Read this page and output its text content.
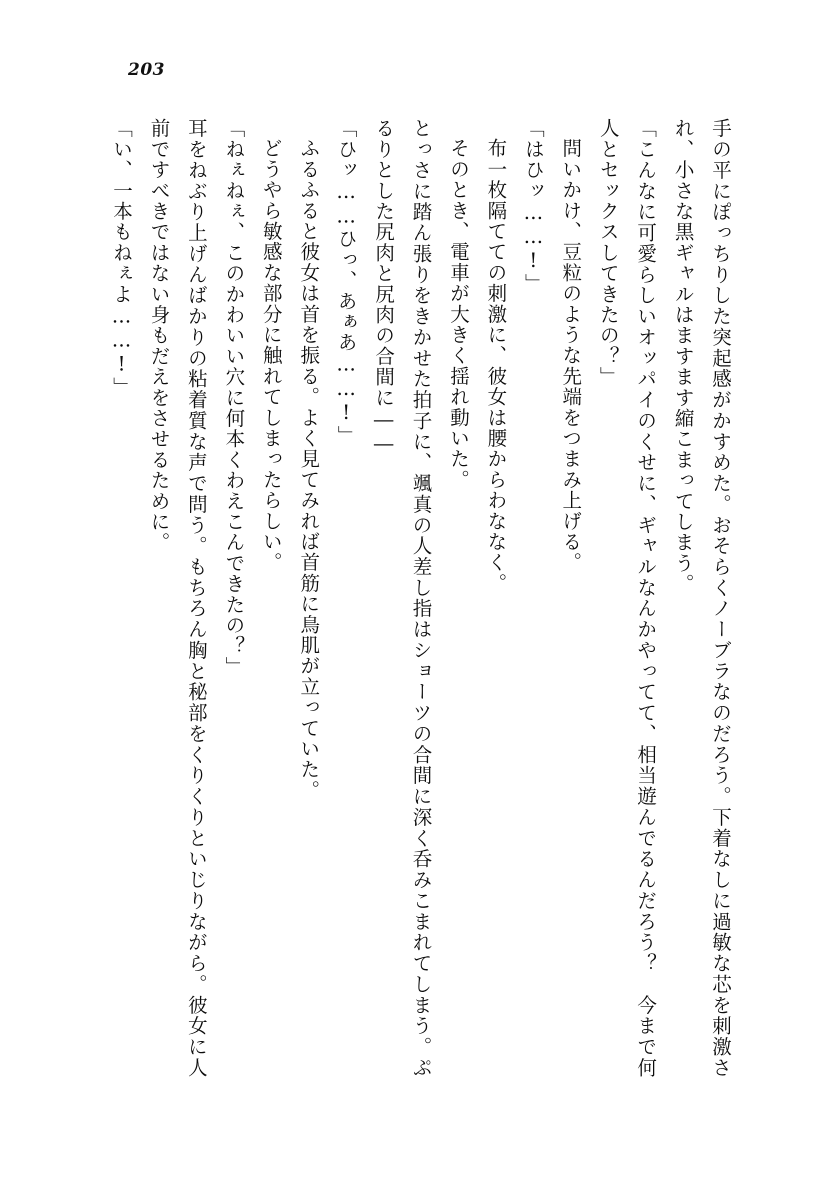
203

手の平にぽっちりした突起感がかすめた。おそらくノーブラなのだろう。下着なしに過敏な芯を刺激され、小さな黒ギャルはますます縮こまってしまう。

「こんなに可愛らしいオッパイのくせに、ギャルなんかやってて、相当遊んでるんだろう？　今まで何人とセックスしてきたの？」

問いかけ、豆粒のような先端をつまみ上げる。

「はひッ……!」

布一枚隔てての刺激に、彼女は腰からわななく。

そのとき、電車が大きく揺れ動いた。

とっさに踏ん張りをきかせた拍子に、颯真の人差し指はショーツの合間に深く呑みこまれてしまう。ぷるりとした尻肉と尻肉の合間に――

「ひッ……ひっ、あぁあ……!」

ふるふると彼女は首を振る。よく見てみれば首筋に鳥肌が立っていた。

どうやら敏感な部分に触れてしまったらしい。

「ねぇねぇ、このかわいい穴に何本くわえこんできたの？」

耳をねぶり上げんばかりの粘着質な声で問う。もちろん胸と秘部をくりくりといじりながら。彼女に人前ですべきではない身もだえをさせるために。

「い、一本もねぇよ……!」
